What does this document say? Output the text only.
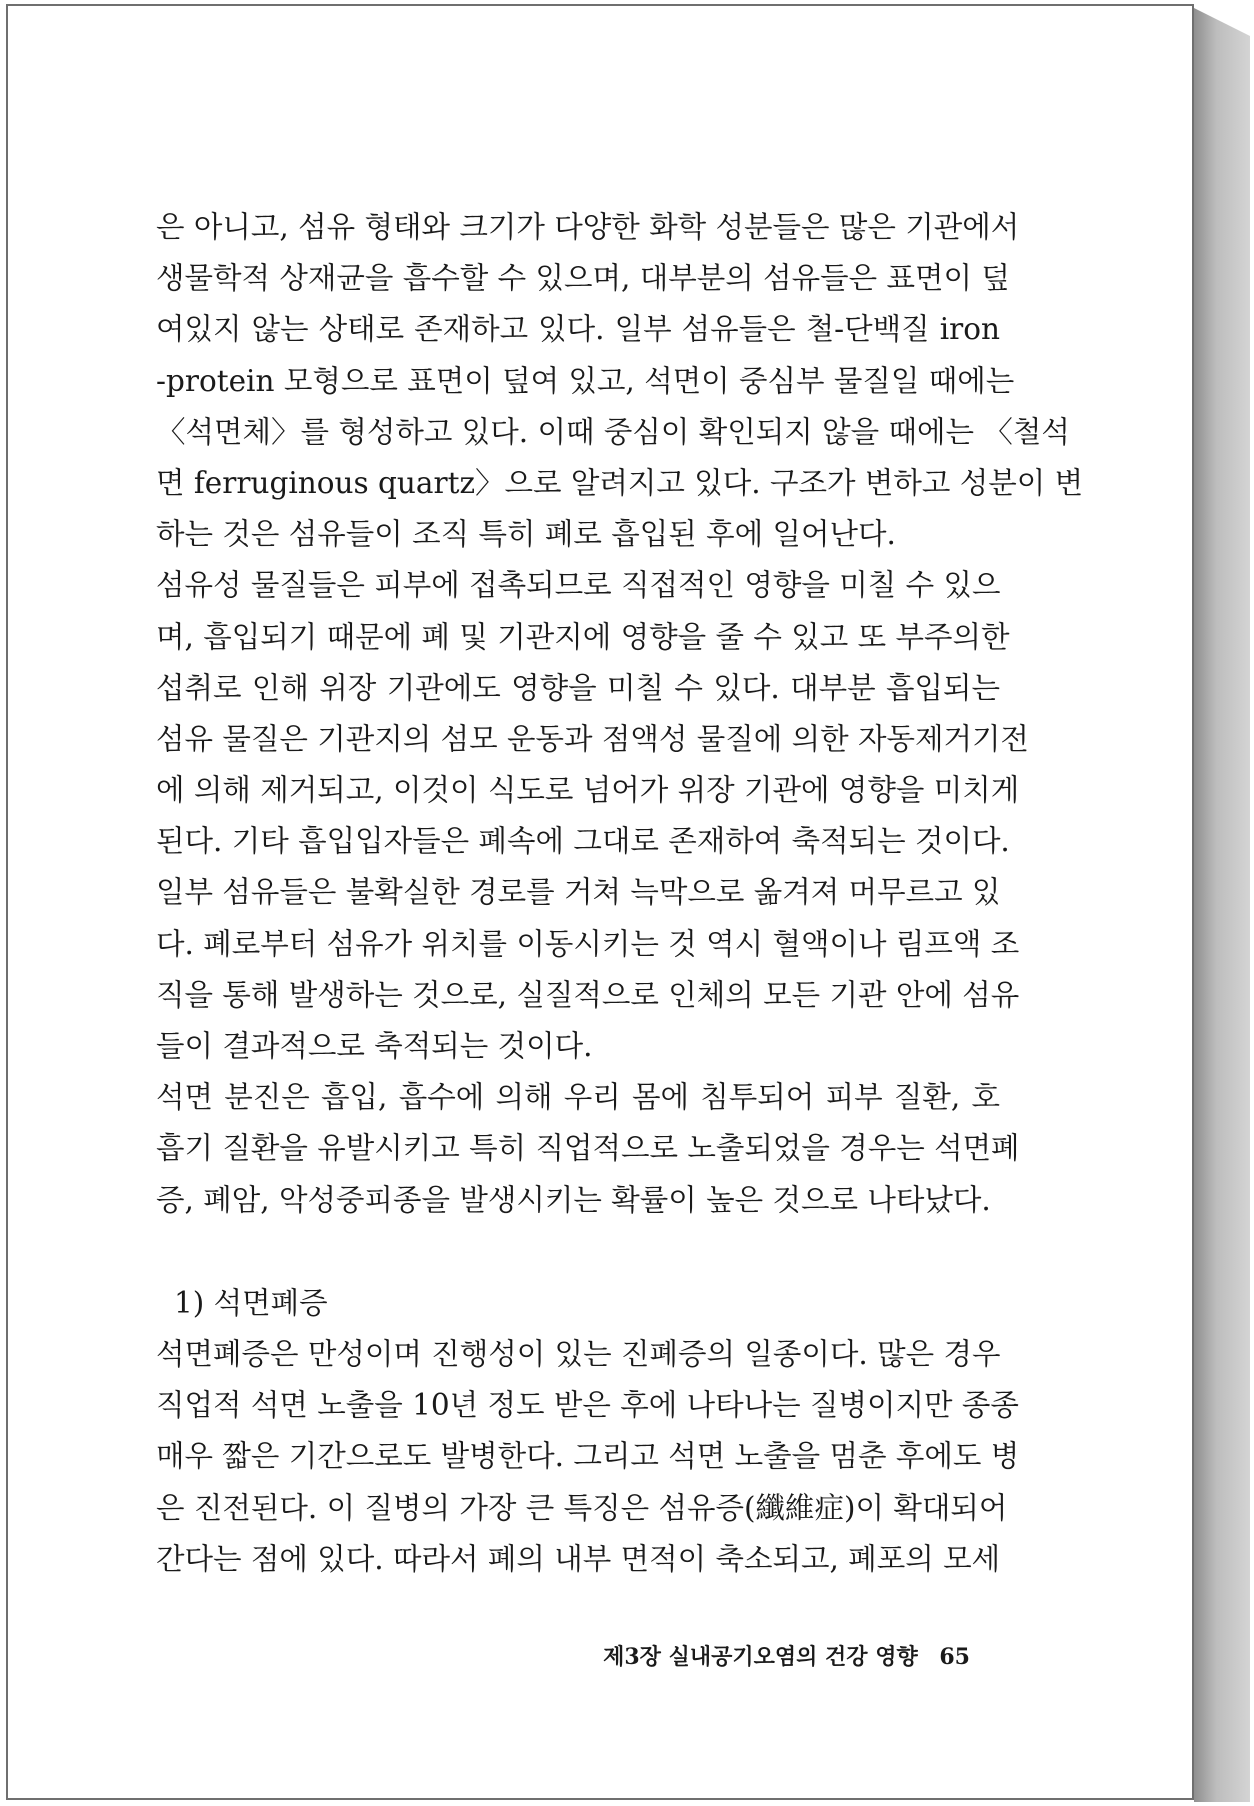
은 아니고, 섬유 형태와 크기가 다양한 화학 성분들은 많은 기관에서
생물학적 상재균을 흡수할 수 있으며, 대부분의 섬유들은 표면이 덮
여있지 않는 상태로 존재하고 있다. 일부 섬유들은 철-단백질 iron
-protein 모형으로 표면이 덮여 있고, 석면이 중심부 물질일 때에는
〈석면체〉를 형성하고 있다. 이때 중심이 확인되지 않을 때에는 〈철석
면 ferruginous quartz〉으로 알려지고 있다. 구조가 변하고 성분이 변
하는 것은 섬유들이 조직 특히 폐로 흡입된 후에 일어난다.
섬유성 물질들은 피부에 접촉되므로 직접적인 영향을 미칠 수 있으
며, 흡입되기 때문에 폐 및 기관지에 영향을 줄 수 있고 또 부주의한
섭취로 인해 위장 기관에도 영향을 미칠 수 있다. 대부분 흡입되는
섬유 물질은 기관지의 섬모 운동과 점액성 물질에 의한 자동제거기전
에 의해 제거되고, 이것이 식도로 넘어가 위장 기관에 영향을 미치게
된다. 기타 흡입입자들은 폐속에 그대로 존재하여 축적되는 것이다.
일부 섬유들은 불확실한 경로를 거쳐 늑막으로 옮겨져 머무르고 있
다. 폐로부터 섬유가 위치를 이동시키는 것 역시 혈액이나 림프액 조
직을 통해 발생하는 것으로, 실질적으로 인체의 모든 기관 안에 섬유
들이 결과적으로 축적되는 것이다.
석면 분진은 흡입, 흡수에 의해 우리 몸에 침투되어 피부 질환, 호
흡기 질환을 유발시키고 특히 직업적으로 노출되었을 경우는 석면폐
증, 폐암, 악성중피종을 발생시키는 확률이 높은 것으로 나타났다.
1) 석면폐증
석면폐증은 만성이며 진행성이 있는 진폐증의 일종이다. 많은 경우
직업적 석면 노출을 10년 정도 받은 후에 나타나는 질병이지만 종종
매우 짧은 기간으로도 발병한다. 그리고 석면 노출을 멈춘 후에도 병
은 진전된다. 이 질병의 가장 큰 특징은 섬유증(纖維症)이 확대되어
간다는 점에 있다. 따라서 폐의 내부 면적이 축소되고, 폐포의 모세
제3장 실내공기오염의 건강 영향 65
